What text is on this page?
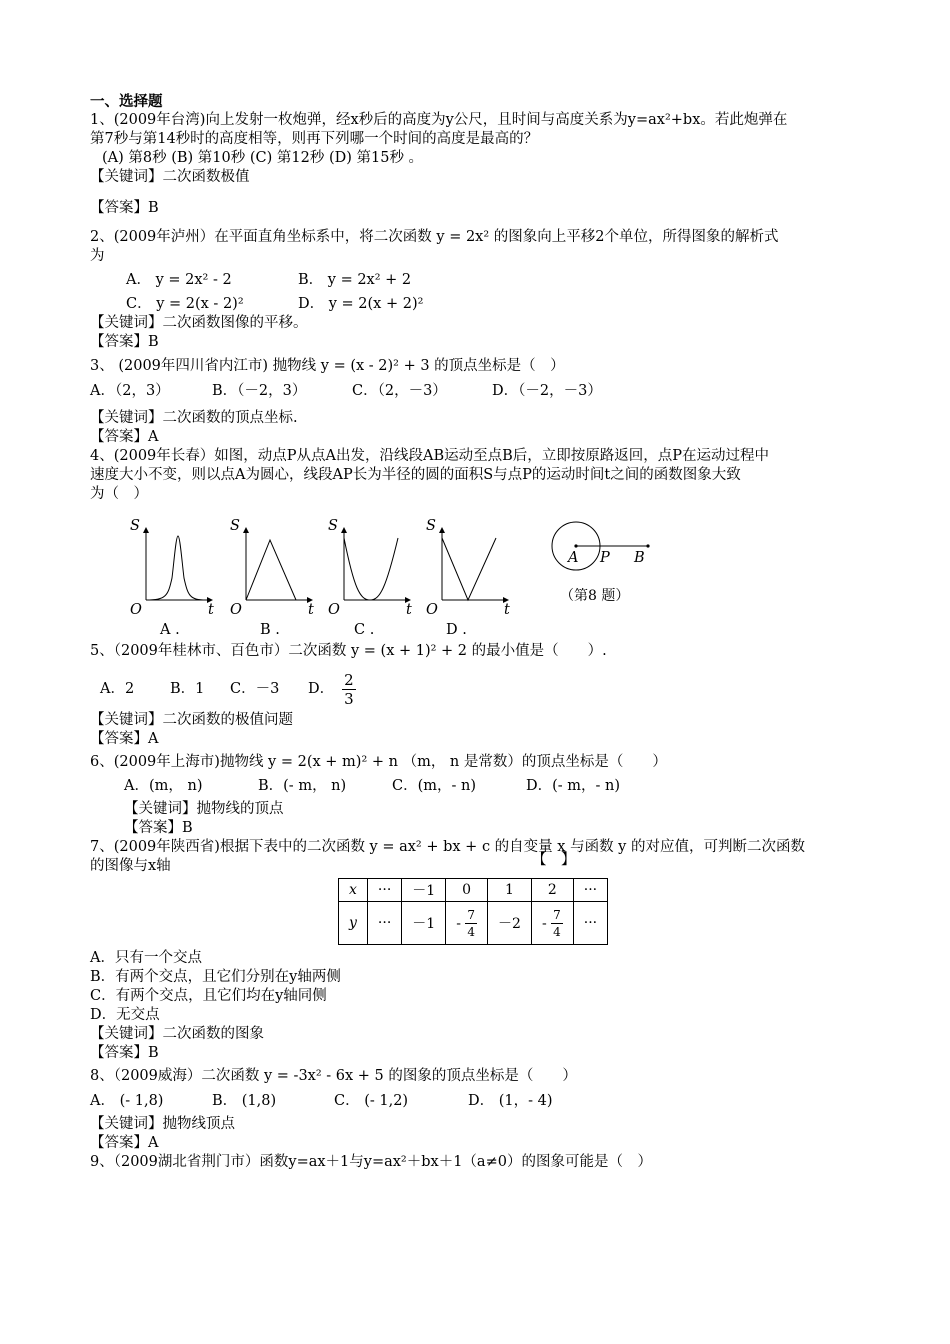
一、选择题
1、(2009年台湾)向上发射一枚炮弹，经x秒后的高度为y公尺，且时间与高度关系为y=ax²+bx。若此炮弹在
第7秒与第14秒时的高度相等，则再下列哪一个时间的高度是最高的？
(A) 第8秒 (B) 第10秒 (C) 第12秒 (D) 第15秒 。
【关键词】二次函数极值
【答案】B
2、(2009年泸州）在平面直角坐标系中，将二次函数 y = 2x² 的图象向上平移2个单位，所得图象的解析式
为
A． y = 2x² - 2	B． y = 2x² + 2
C． y = 2(x - 2)²	D． y = 2(x + 2)²
【关键词】二次函数图像的平移。
【答案】B
3、 (2009年四川省内江市) 抛物线 y = (x - 2)² + 3 的顶点坐标是（　）
A．（2，3）	B．（－2，3）	C．（2，－3）	D．（－2，－3）
【关键词】二次函数的顶点坐标.
【答案】A
4、(2009年长春）如图，动点P从点A出发，沿线段AB运动至点B后，立即按原路返回，点P在运动过程中
速度大小不变，则以点A为圆心，线段AP长为半径的圆的面积S与点P的运动时间t之间的函数图象大致
为（　）
S
O	t
A .
S
O	t
B .
S
O	t
C .
S
O	t
D .
A P B
（第8 题）
5、（2009年桂林市、百色市）二次函数 y = (x + 1)² + 2 的最小值是（　　）.
A．2	B．1 C．－3	D． $\frac{2}{3}$
【关键词】二次函数的极值问题
【答案】A
6、(2009年上海市)抛物线 y = 2(x + m)² + n （m， n 是常数）的顶点坐标是（　　）
A．(m， n)	B．(- m， n)	C．(m，- n)	D．(- m，- n)
【关键词】抛物线的顶点
【答案】B
7、(2009年陕西省)根据下表中的二次函数 y = ax² + bx + c 的自变量 x 与函数 y 的对应值，可判断二次函数
的图像与x轴	【　】
x	···	－1	0	1	2	···
y	···	－1	- $\frac{7}{4}$	－2	- $\frac{7}{4}$	···
A．只有一个交点
B．有两个交点，且它们分别在y轴两侧
C．有两个交点，且它们均在y轴同侧
D．无交点
【关键词】二次函数的图象
【答案】B
8、（2009威海）二次函数 y = -3x² - 6x + 5 的图象的顶点坐标是（　　）
A． (- 1,8)	B． (1,8)	C． (- 1,2)	D． (1，- 4)
【关键词】抛物线顶点
【答案】A
9、（2009湖北省荆门市）函数y=ax＋1与y=ax²＋bx＋1（a≠0）的图象可能是（　）
